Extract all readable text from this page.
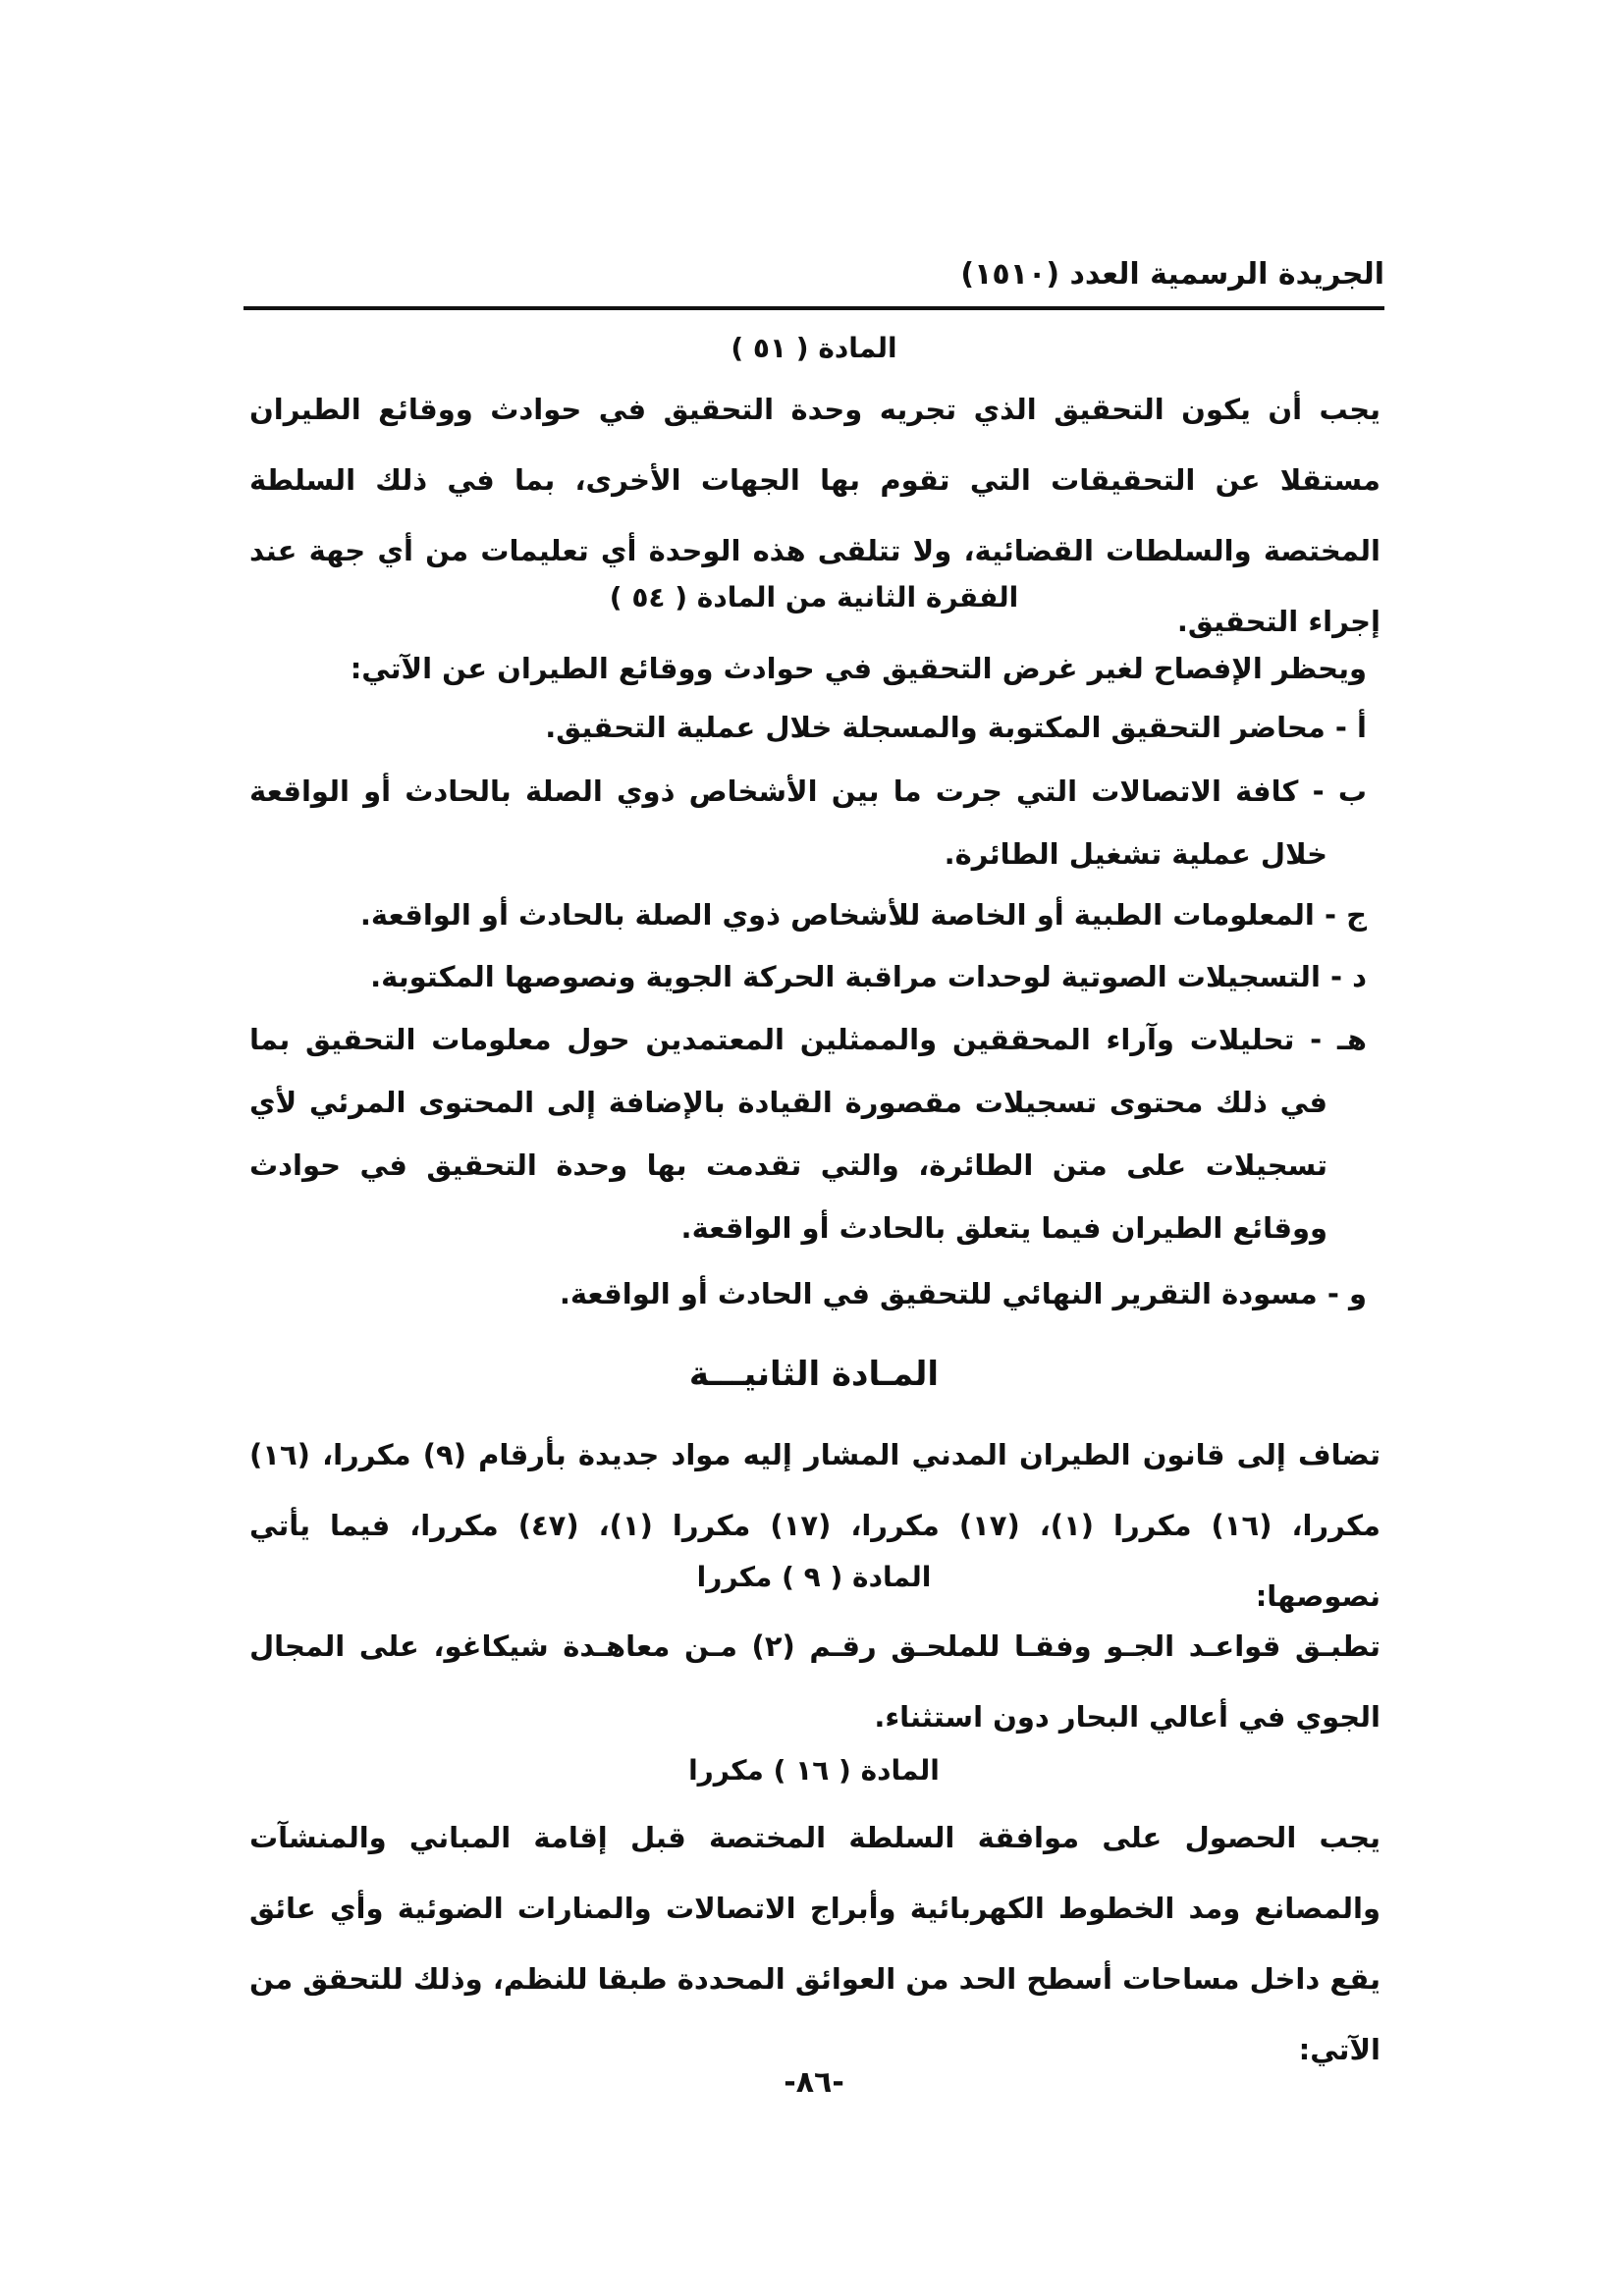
الجريدة الرسمية العدد (١٥١٠)
المادة ( ٥١ )
يجب أن يكون التحقيق الذي تجريه وحدة التحقيق في حوادث ووقائع الطيران مستقلا عن التحقيقات التي تقوم بها الجهات الأخرى، بما في ذلك السلطة المختصة والسلطات القضائية، ولا تتلقى هذه الوحدة أي تعليمات من أي جهة عند إجراء التحقيق.
الفقرة الثانية من المادة ( ٥٤ )
ويحظر الإفصاح لغير غرض التحقيق في حوادث ووقائع الطيران عن الآتي:
أ - محاضر التحقيق المكتوبة والمسجلة خلال عملية التحقيق.
ب - كافة الاتصالات التي جرت ما بين الأشخاص ذوي الصلة بالحادث أو الواقعة خلال عملية تشغيل الطائرة.
ج - المعلومات الطبية أو الخاصة للأشخاص ذوي الصلة بالحادث أو الواقعة.
د - التسجيلات الصوتية لوحدات مراقبة الحركة الجوية ونصوصها المكتوبة.
هـ - تحليلات وآراء المحققين والممثلين المعتمدين حول معلومات التحقيق بما في ذلك محتوى تسجيلات مقصورة القيادة بالإضافة إلى المحتوى المرئي لأي تسجيلات على متن الطائرة، والتي تقدمت بها وحدة التحقيق في حوادث ووقائع الطيران فيما يتعلق بالحادث أو الواقعة.
و - مسودة التقرير النهائي للتحقيق في الحادث أو الواقعة.
المـادة الثانيـــة
تضاف إلى قانون الطيران المدني المشار إليه مواد جديدة بأرقام (٩) مكررا، (١٦) مكررا، (١٦) مكررا (١)، (١٧) مكررا، (١٧) مكررا (١)، (٤٧) مكررا، فيما يأتي نصوصها:
المادة ( ٩ ) مكررا
تطبـق قواعـد الجـو وفقـا للملحـق رقـم (٢) مـن معاهـدة شيكاغو، على المجال الجوي في أعالي البحار دون استثناء.
المادة ( ١٦ ) مكررا
يجب الحصول على موافقة السلطة المختصة قبل إقامة المباني والمنشآت والمصانع ومد الخطوط الكهربائية وأبراج الاتصالات والمنارات الضوئية وأي عائق يقع داخل مساحات أسطح الحد من العوائق المحددة طبقا للنظم، وذلك للتحقق من الآتي:
-٨٦-
